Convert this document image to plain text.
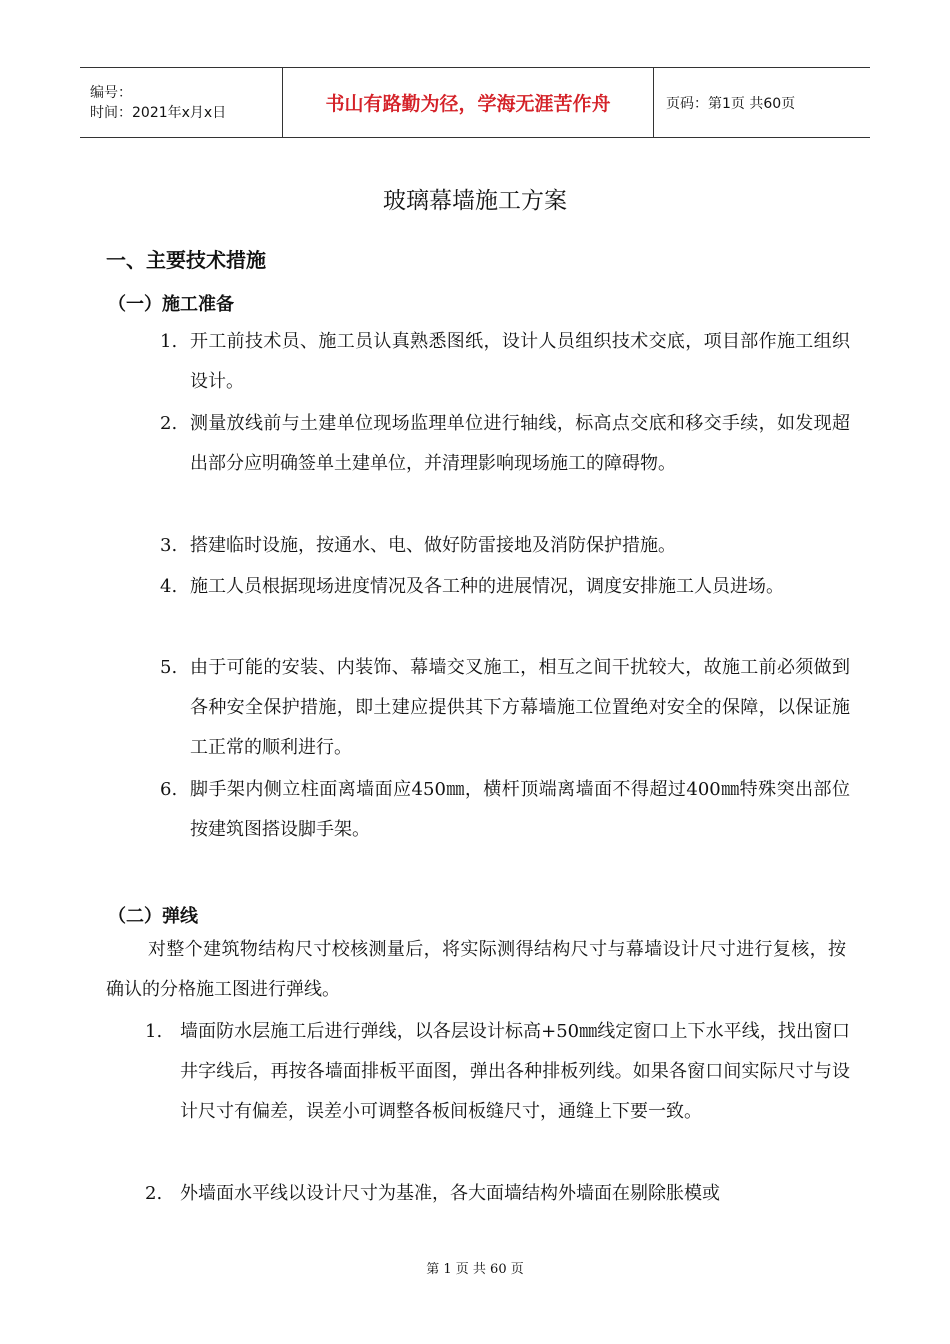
编号：
时间：2021年x月x日	书山有路勤为径，学海无涯苦作舟	页码：第1页 共60页
玻璃幕墙施工方案
一、主要技术措施
（一）施工准备
1. 开工前技术员、施工员认真熟悉图纸，设计人员组织技术交底，项目部作施工组织设计。
2. 测量放线前与土建单位现场监理单位进行轴线，标高点交底和移交手续，如发现超出部分应明确签单土建单位，并清理影响现场施工的障碍物。
3. 搭建临时设施，按通水、电、做好防雷接地及消防保护措施。
4. 施工人员根据现场进度情况及各工种的进展情况，调度安排施工人员进场。
5. 由于可能的安装、内装饰、幕墙交叉施工，相互之间干扰较大，故施工前必须做到各种安全保护措施，即土建应提供其下方幕墙施工位置绝对安全的保障，以保证施工正常的顺利进行。
6. 脚手架内侧立柱面离墙面应450㎜，横杆顶端离墙面不得超过400㎜特殊突出部位按建筑图搭设脚手架。
（二）弹线
对整个建筑物结构尺寸校核测量后，将实际测得结构尺寸与幕墙设计尺寸进行复核，按确认的分格施工图进行弹线。
1. 墙面防水层施工后进行弹线，以各层设计标高+50㎜线定窗口上下水平线，找出窗口井字线后，再按各墙面排板平面图，弹出各种排板列线。如果各窗口间实际尺寸与设计尺寸有偏差，误差小可调整各板间板缝尺寸，通缝上下要一致。
2. 外墙面水平线以设计尺寸为基准，各大面墙结构外墙面在剔除胀模或
第 1 页 共 60 页
